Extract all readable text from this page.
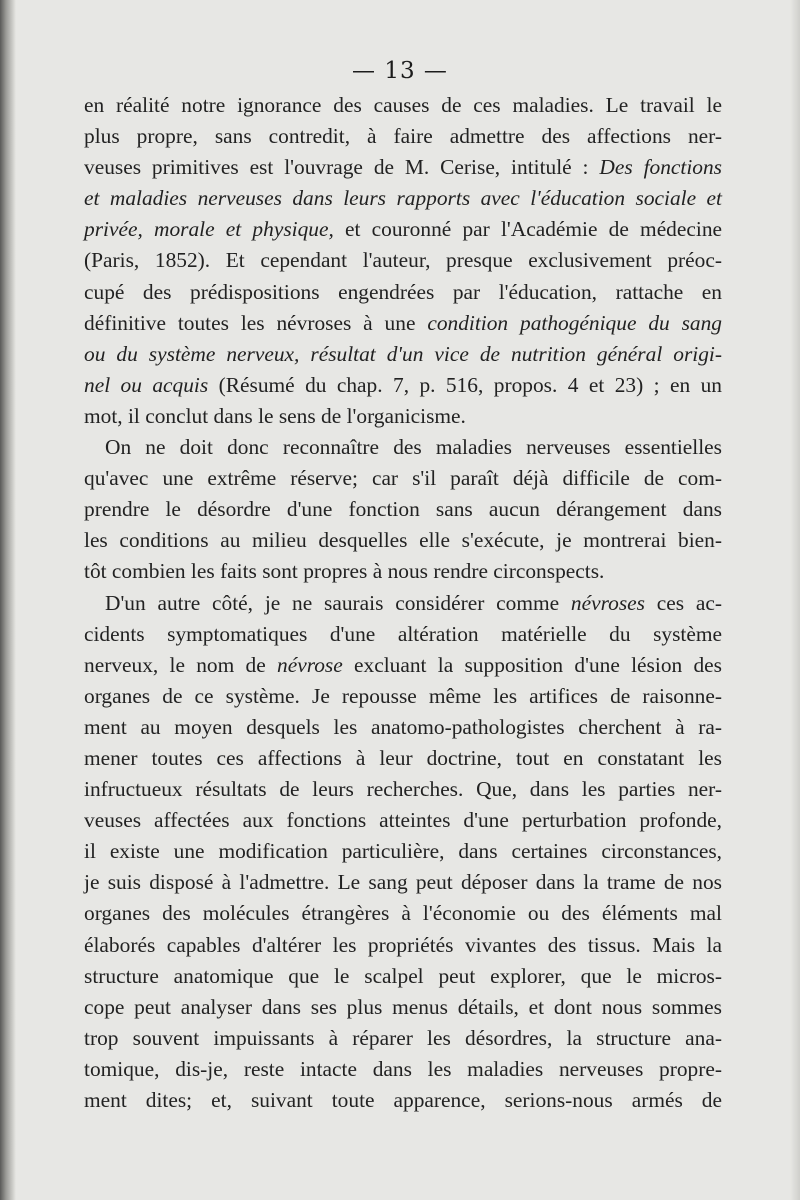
— 13 —
en réalité notre ignorance des causes de ces maladies. Le travail le
plus propre, sans contredit, à faire admettre des affections ner-
veuses primitives est l'ouvrage de M. Cerise, intitulé : Des fonctions
et maladies nerveuses dans leurs rapports avec l'éducation sociale et
privée, morale et physique, et couronné par l'Académie de médecine
(Paris, 1852). Et cependant l'auteur, presque exclusivement préoc-
cupé des prédispositions engendrées par l'éducation, rattache en
définitive toutes les névroses à une condition pathogénique du sang
ou du système nerveux, résultat d'un vice de nutrition général origi-
nel ou acquis (Résumé du chap. 7, p. 516, propos. 4 et 23) ; en un
mot, il conclut dans le sens de l'organicisme.
On ne doit donc reconnaître des maladies nerveuses essentielles
qu'avec une extrême réserve; car s'il paraît déjà difficile de com-
prendre le désordre d'une fonction sans aucun dérangement dans
les conditions au milieu desquelles elle s'exécute, je montrerai bien-
tôt combien les faits sont propres à nous rendre circonspects.
D'un autre côté, je ne saurais considérer comme névroses ces ac-
cidents symptomatiques d'une altération matérielle du système
nerveux, le nom de névrose excluant la supposition d'une lésion des
organes de ce système. Je repousse même les artifices de raisonne-
ment au moyen desquels les anatomo-pathologistes cherchent à ra-
mener toutes ces affections à leur doctrine, tout en constatant les
infructueux résultats de leurs recherches. Que, dans les parties ner-
veuses affectées aux fonctions atteintes d'une perturbation profonde,
il existe une modification particulière, dans certaines circonstances,
je suis disposé à l'admettre. Le sang peut déposer dans la trame de nos
organes des molécules étrangères à l'économie ou des éléments mal
élaborés capables d'altérer les propriétés vivantes des tissus. Mais la
structure anatomique que le scalpel peut explorer, que le micros-
cope peut analyser dans ses plus menus détails, et dont nous sommes
trop souvent impuissants à réparer les désordres, la structure ana-
tomique, dis-je, reste intacte dans les maladies nerveuses propre-
ment dites; et, suivant toute apparence, serions-nous armés de
